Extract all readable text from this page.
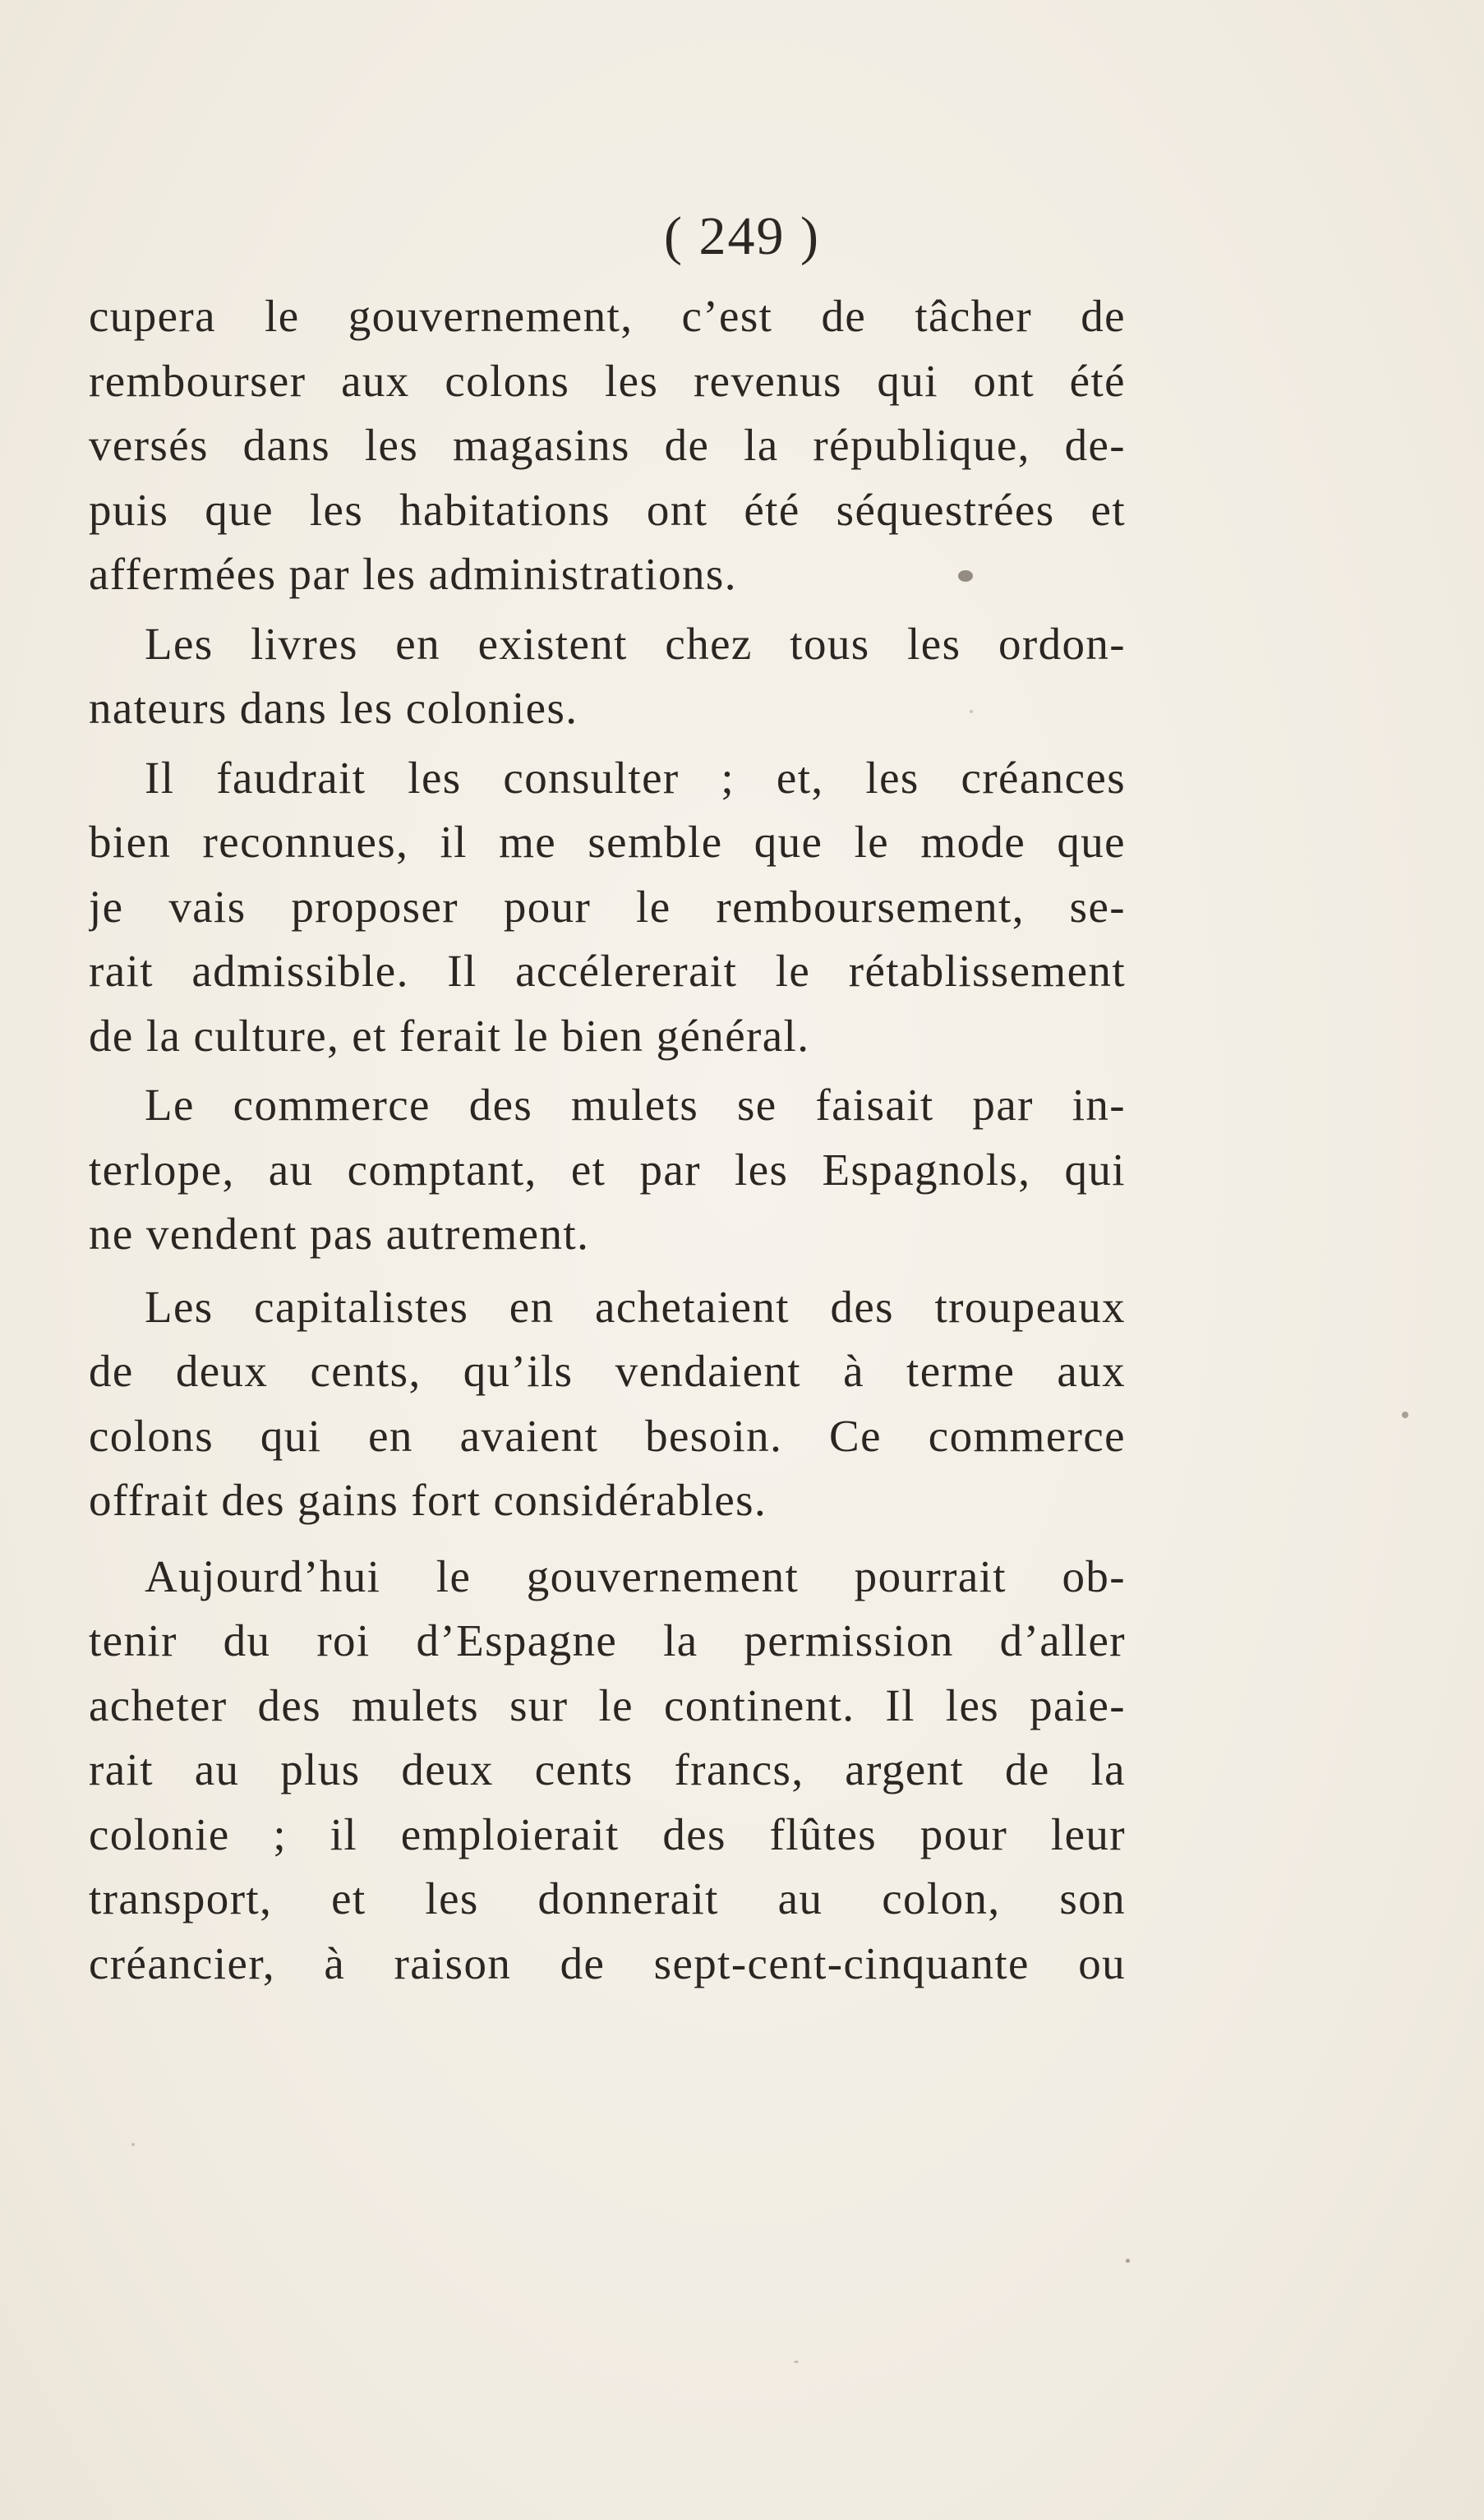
( 249 )
cupera le gouvernement, c’est de tâcher de
rembourser aux colons les revenus qui ont été
versés dans les magasins de la république, de-
puis que les habitations ont été séquestrées et
affermées par les administrations.
Les livres en existent chez tous les ordon-
nateurs dans les colonies.
Il faudrait les consulter ; et, les créances
bien reconnues, il me semble que le mode que
je vais proposer pour le remboursement, se-
rait admissible. Il accélererait le rétablissement
de la culture, et ferait le bien général.
Le commerce des mulets se faisait par in-
terlope, au comptant, et par les Espagnols, qui
ne vendent pas autrement.
Les capitalistes en achetaient des troupeaux
de deux cents, qu’ils vendaient à terme aux
colons qui en avaient besoin. Ce commerce
offrait des gains fort considérables.
Aujourd’hui le gouvernement pourrait ob-
tenir du roi d’Espagne la permission d’aller
acheter des mulets sur le continent. Il les paie-
rait au plus deux cents francs, argent de la
colonie ; il emploierait des flûtes pour leur
transport, et les donnerait au colon, son
créancier, à raison de sept-cent-cinquante ou
